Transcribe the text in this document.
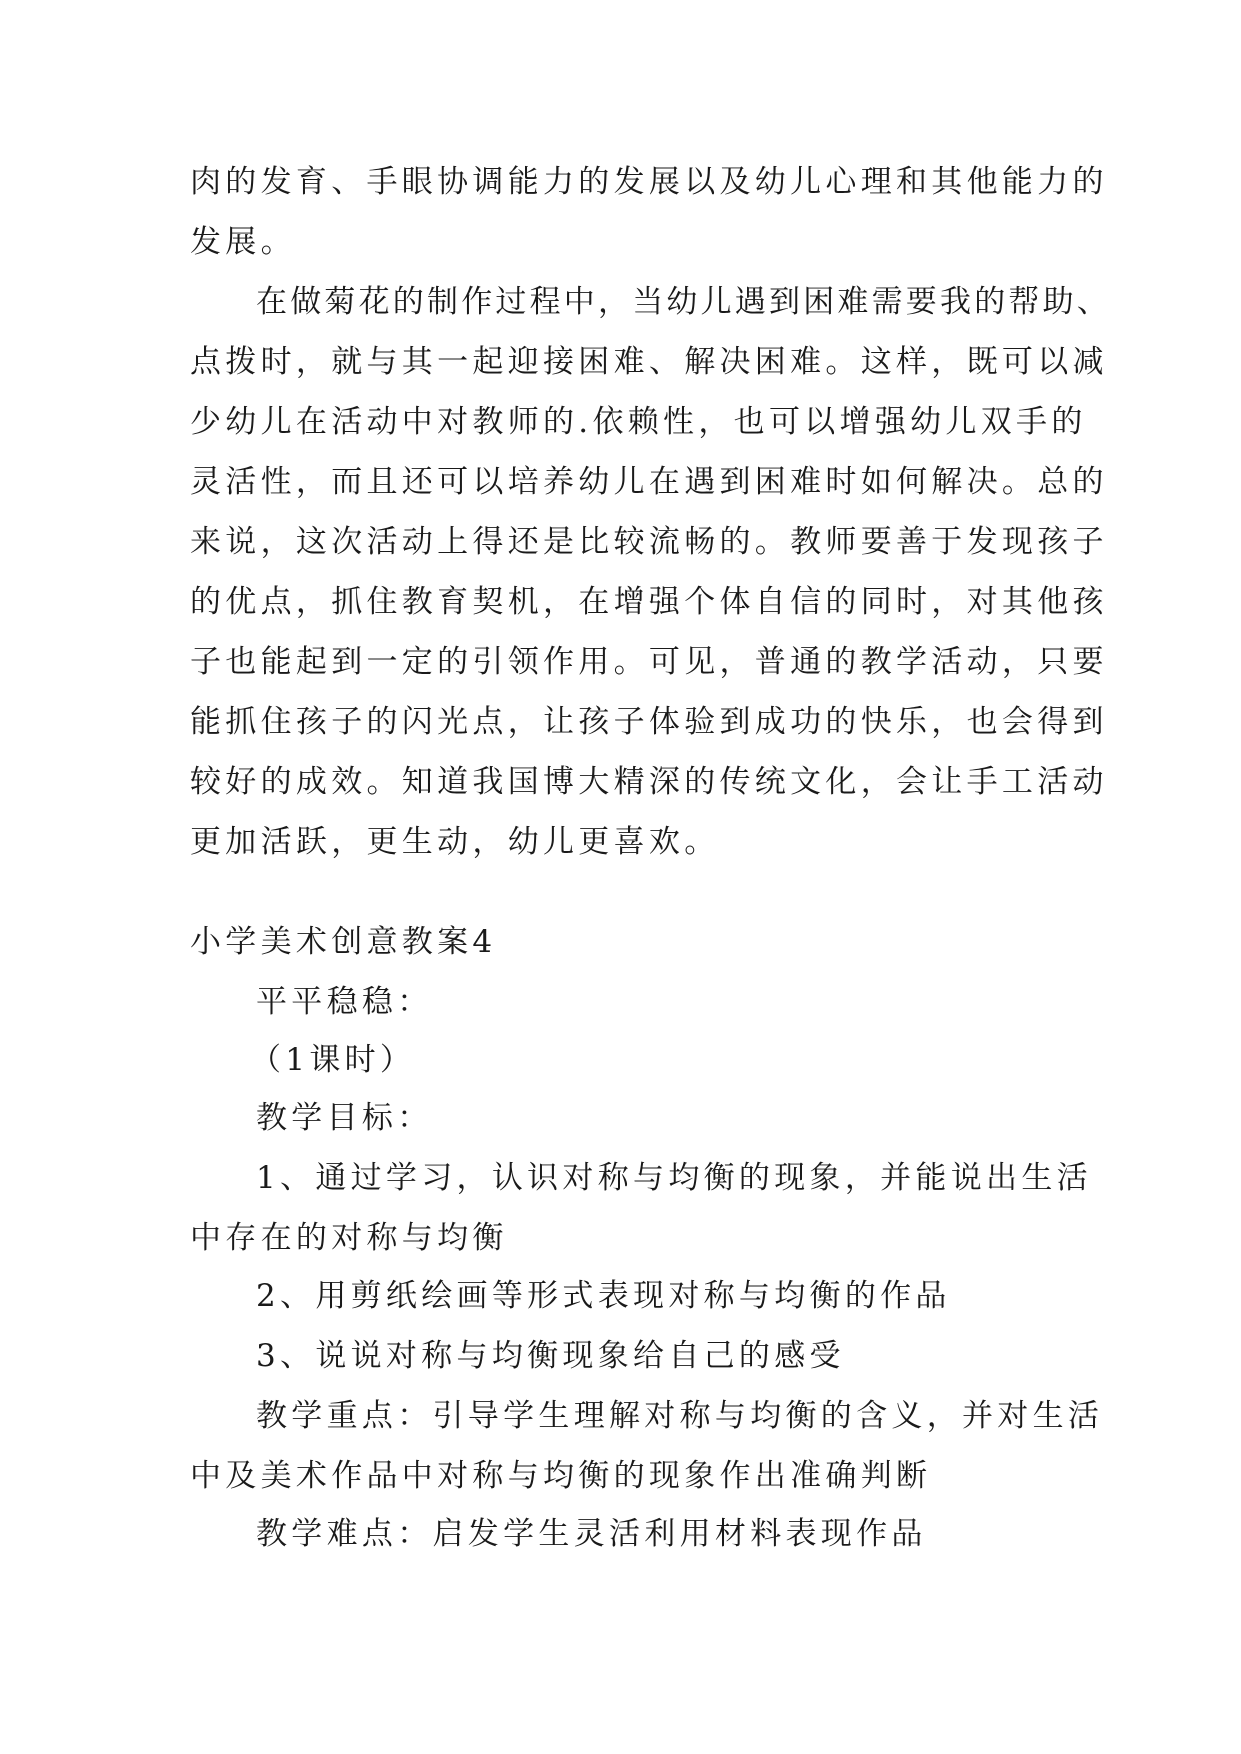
肉的发育、手眼协调能力的发展以及幼儿心理和其他能力的
发展。
在做菊花的制作过程中，当幼儿遇到困难需要我的帮助、
点拨时，就与其一起迎接困难、解决困难。这样，既可以减
少幼儿在活动中对教师的.依赖性，也可以增强幼儿双手的
灵活性，而且还可以培养幼儿在遇到困难时如何解决。总的
来说，这次活动上得还是比较流畅的。教师要善于发现孩子
的优点，抓住教育契机，在增强个体自信的同时，对其他孩
子也能起到一定的引领作用。可见，普通的教学活动，只要
能抓住孩子的闪光点，让孩子体验到成功的快乐，也会得到
较好的成效。知道我国博大精深的传统文化，会让手工活动
更加活跃，更生动，幼儿更喜欢。
小学美术创意教案4
平平稳稳：
（1课时）
教学目标：
1、通过学习，认识对称与均衡的现象，并能说出生活
中存在的对称与均衡
2、用剪纸绘画等形式表现对称与均衡的作品
3、说说对称与均衡现象给自己的感受
教学重点：引导学生理解对称与均衡的含义，并对生活
中及美术作品中对称与均衡的现象作出准确判断
教学难点：启发学生灵活利用材料表现作品
